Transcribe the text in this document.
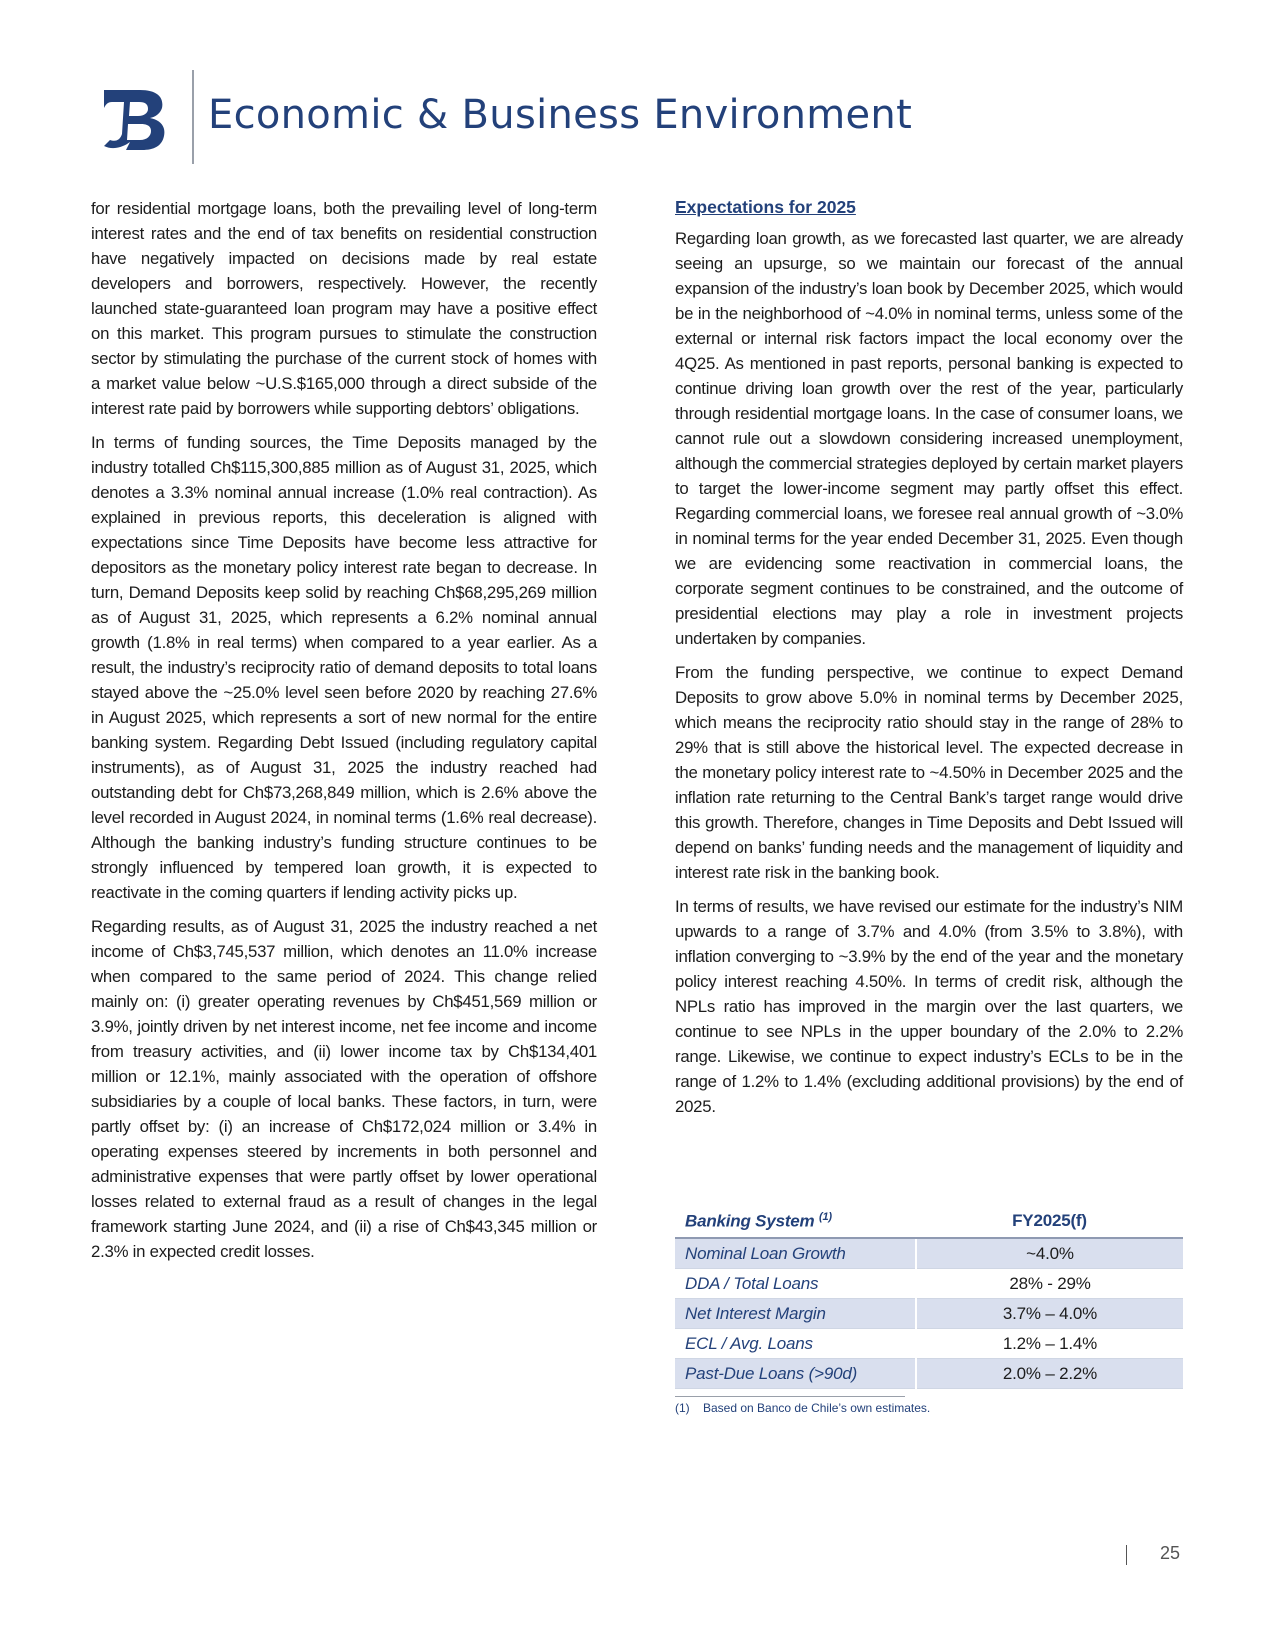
Economic & Business Environment

for residential mortgage loans, both the prevailing level of long-term interest rates and the end of tax benefits on residential construction have negatively impacted on decisions made by real estate developers and borrowers, respectively. However, the recently launched state-guaranteed loan program may have a positive effect on this market. This program pursues to stimulate the construction sector by stimulating the purchase of the current stock of homes with a market value below ~U.S.$165,000 through a direct subside of the interest rate paid by borrowers while supporting debtors’ obligations.

In terms of funding sources, the Time Deposits managed by the industry totalled Ch$115,300,885 million as of August 31, 2025, which denotes a 3.3% nominal annual increase (1.0% real contraction). As explained in previous reports, this deceleration is aligned with expectations since Time Deposits have become less attractive for depositors as the monetary policy interest rate began to decrease. In turn, Demand Deposits keep solid by reaching Ch$68,295,269 million as of August 31, 2025, which represents a 6.2% nominal annual growth (1.8% in real terms) when compared to a year earlier. As a result, the industry’s reciprocity ratio of demand deposits to total loans stayed above the ~25.0% level seen before 2020 by reaching 27.6% in August 2025, which represents a sort of new normal for the entire banking system. Regarding Debt Issued (including regulatory capital instruments), as of August 31, 2025 the industry reached had outstanding debt for Ch$73,268,849 million, which is 2.6% above the level recorded in August 2024, in nominal terms (1.6% real decrease). Although the banking industry’s funding structure continues to be strongly influenced by tempered loan growth, it is expected to reactivate in the coming quarters if lending activity picks up.

Regarding results, as of August 31, 2025 the industry reached a net income of Ch$3,745,537 million, which denotes an 11.0% increase when compared to the same period of 2024. This change relied mainly on: (i) greater operating revenues by Ch$451,569 million or 3.9%, jointly driven by net interest income, net fee income and income from treasury activities, and (ii) lower income tax by Ch$134,401 million or 12.1%, mainly associated with the operation of offshore subsidiaries by a couple of local banks. These factors, in turn, were partly offset by: (i) an increase of Ch$172,024 million or 3.4% in operating expenses steered by increments in both personnel and administrative expenses that were partly offset by lower operational losses related to external fraud as a result of changes in the legal framework starting June 2024, and (ii) a rise of Ch$43,345 million or 2.3% in expected credit losses.

Expectations for 2025

Regarding loan growth, as we forecasted last quarter, we are already seeing an upsurge, so we maintain our forecast of the annual expansion of the industry’s loan book by December 2025, which would be in the neighborhood of ~4.0% in nominal terms, unless some of the external or internal risk factors impact the local economy over the 4Q25. As mentioned in past reports, personal banking is expected to continue driving loan growth over the rest of the year, particularly through residential mortgage loans. In the case of consumer loans, we cannot rule out a slowdown considering increased unemployment, although the commercial strategies deployed by certain market players to target the lower-income segment may partly offset this effect. Regarding commercial loans, we foresee real annual growth of ~3.0% in nominal terms for the year ended December 31, 2025. Even though we are evidencing some reactivation in commercial loans, the corporate segment continues to be constrained, and the outcome of presidential elections may play a role in investment projects undertaken by companies.

From the funding perspective, we continue to expect Demand Deposits to grow above 5.0% in nominal terms by December 2025, which means the reciprocity ratio should stay in the range of 28% to 29% that is still above the historical level. The expected decrease in the monetary policy interest rate to ~4.50% in December 2025 and the inflation rate returning to the Central Bank’s target range would drive this growth. Therefore, changes in Time Deposits and Debt Issued will depend on banks’ funding needs and the management of liquidity and interest rate risk in the banking book.

In terms of results, we have revised our estimate for the industry’s NIM upwards to a range of 3.7% and 4.0% (from 3.5% to 3.8%), with inflation converging to ~3.9% by the end of the year and the monetary policy interest reaching 4.50%. In terms of credit risk, although the NPLs ratio has improved in the margin over the last quarters, we continue to see NPLs in the upper boundary of the 2.0% to 2.2% range. Likewise, we continue to expect industry’s ECLs to be in the range of 1.2% to 1.4% (excluding additional provisions) by the end of 2025.

Banking System $^{(1)}$	FY2025(f)
Nominal Loan Growth	~4.0%
DDA / Total Loans	28% - 29%
Net Interest Margin	3.7% – 4.0%
ECL / Avg. Loans	1.2% – 1.4%
Past-Due Loans (>90d)	2.0% – 2.2%
(1) Based on Banco de Chile’s own estimates.
25
